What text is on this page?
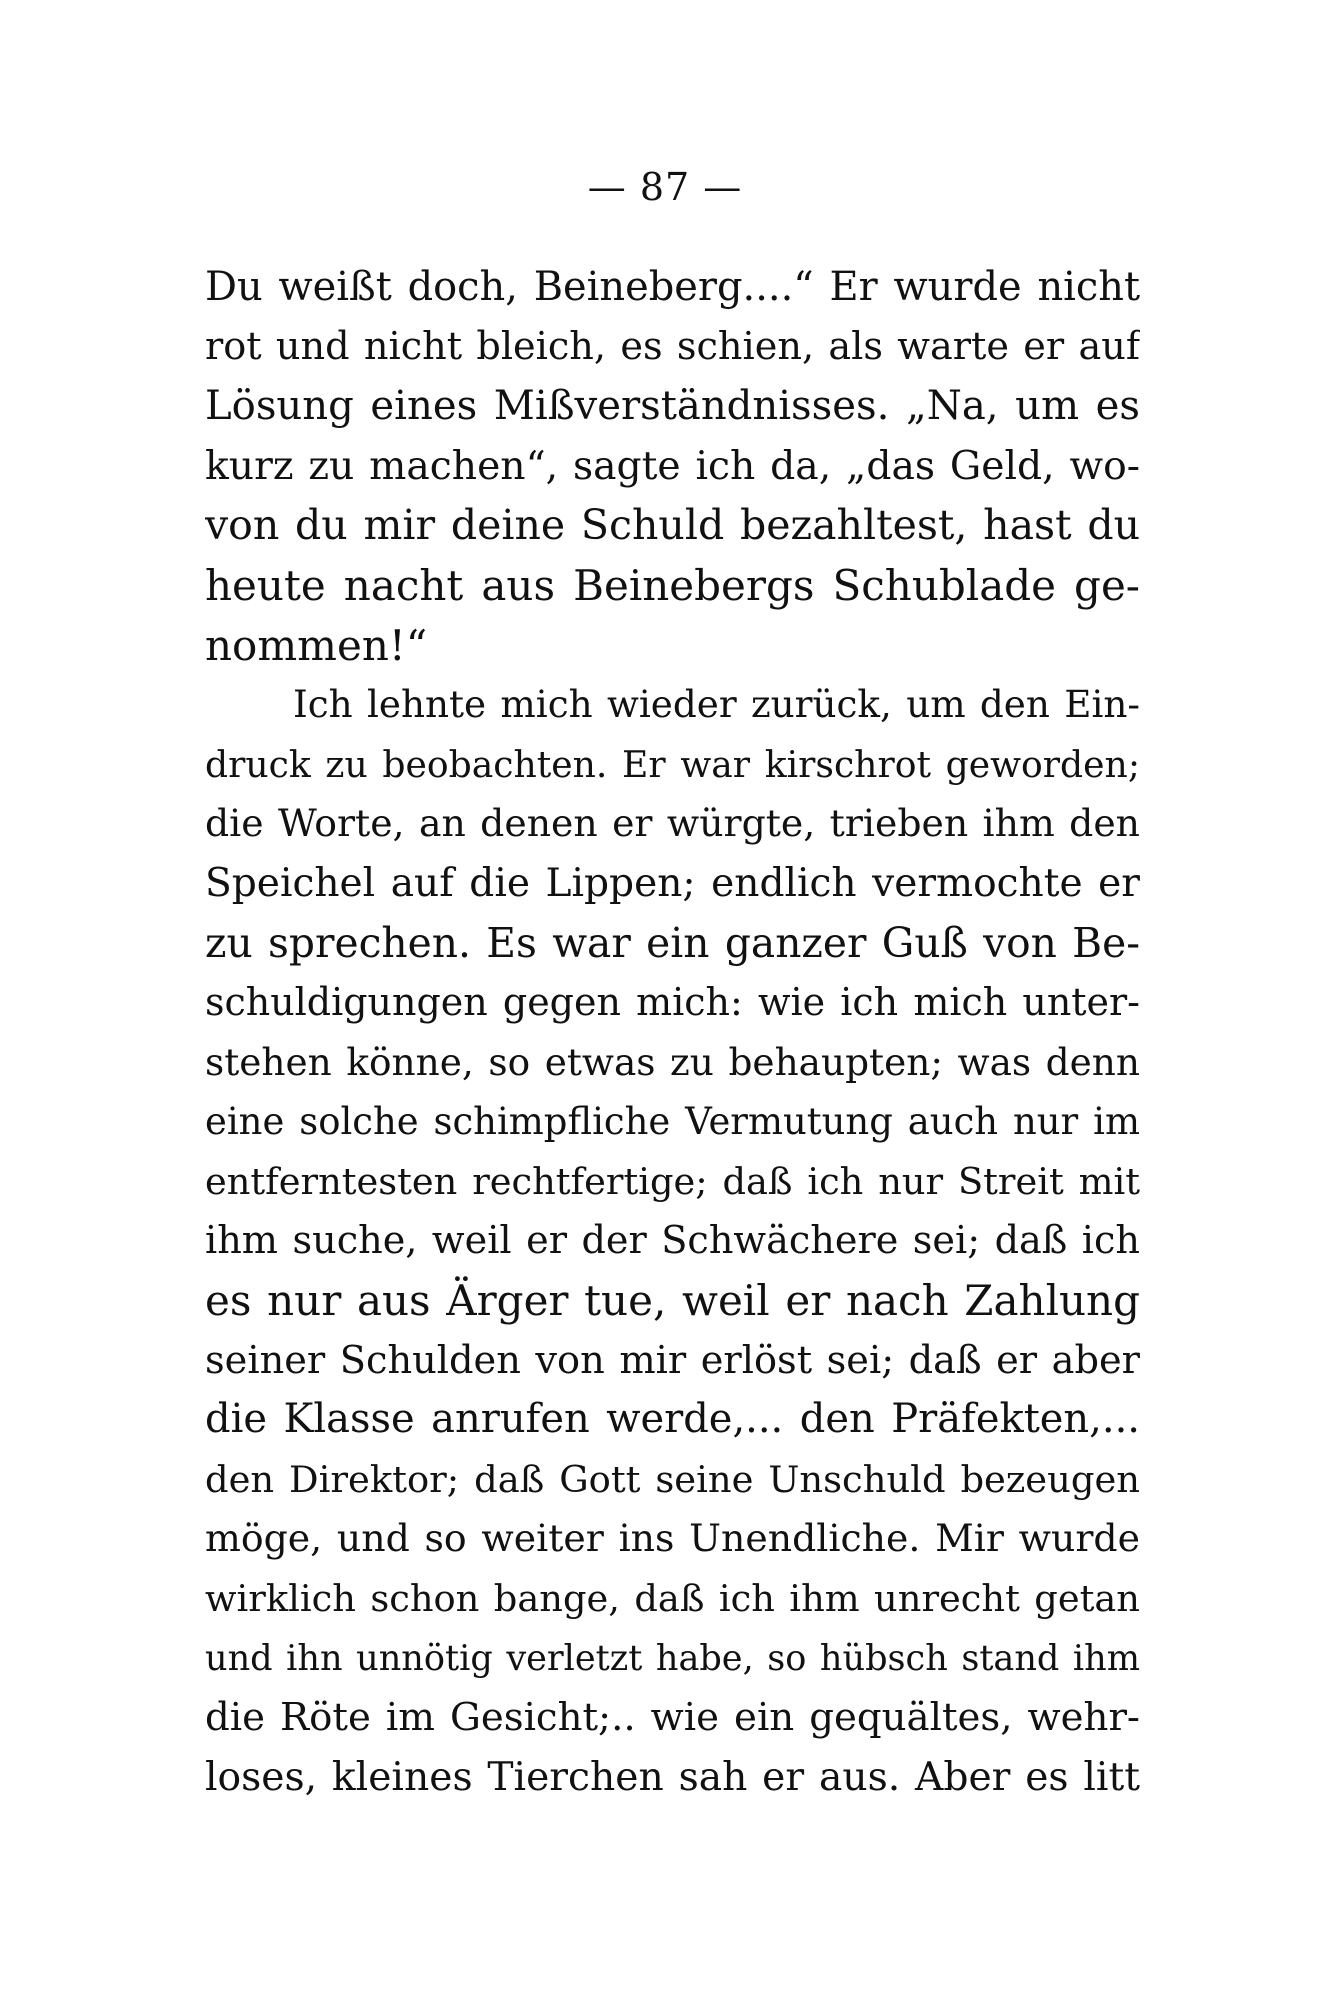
— 87 —
Du weißt doch, Beineberg....“ Er wurde nicht
rot und nicht bleich, es schien, als warte er auf
Lösung eines Mißverständnisses. „Na, um es
kurz zu machen“, sagte ich da, „das Geld, wo-
von du mir deine Schuld bezahltest, hast du
heute nacht aus Beinebergs Schublade ge-
nommen!“
Ich lehnte mich wieder zurück, um den Ein-
druck zu beobachten. Er war kirschrot geworden;
die Worte, an denen er würgte, trieben ihm den
Speichel auf die Lippen; endlich vermochte er
zu sprechen. Es war ein ganzer Guß von Be-
schuldigungen gegen mich: wie ich mich unter-
stehen könne, so etwas zu behaupten; was denn
eine solche schimpfliche Vermutung auch nur im
entferntesten rechtfertige; daß ich nur Streit mit
ihm suche, weil er der Schwächere sei; daß ich
es nur aus Ärger tue, weil er nach Zahlung
seiner Schulden von mir erlöst sei; daß er aber
die Klasse anrufen werde,... den Präfekten,...
den Direktor; daß Gott seine Unschuld bezeugen
möge, und so weiter ins Unendliche. Mir wurde
wirklich schon bange, daß ich ihm unrecht getan
und ihn unnötig verletzt habe, so hübsch stand ihm
die Röte im Gesicht;.. wie ein gequältes, wehr-
loses, kleines Tierchen sah er aus. Aber es litt
